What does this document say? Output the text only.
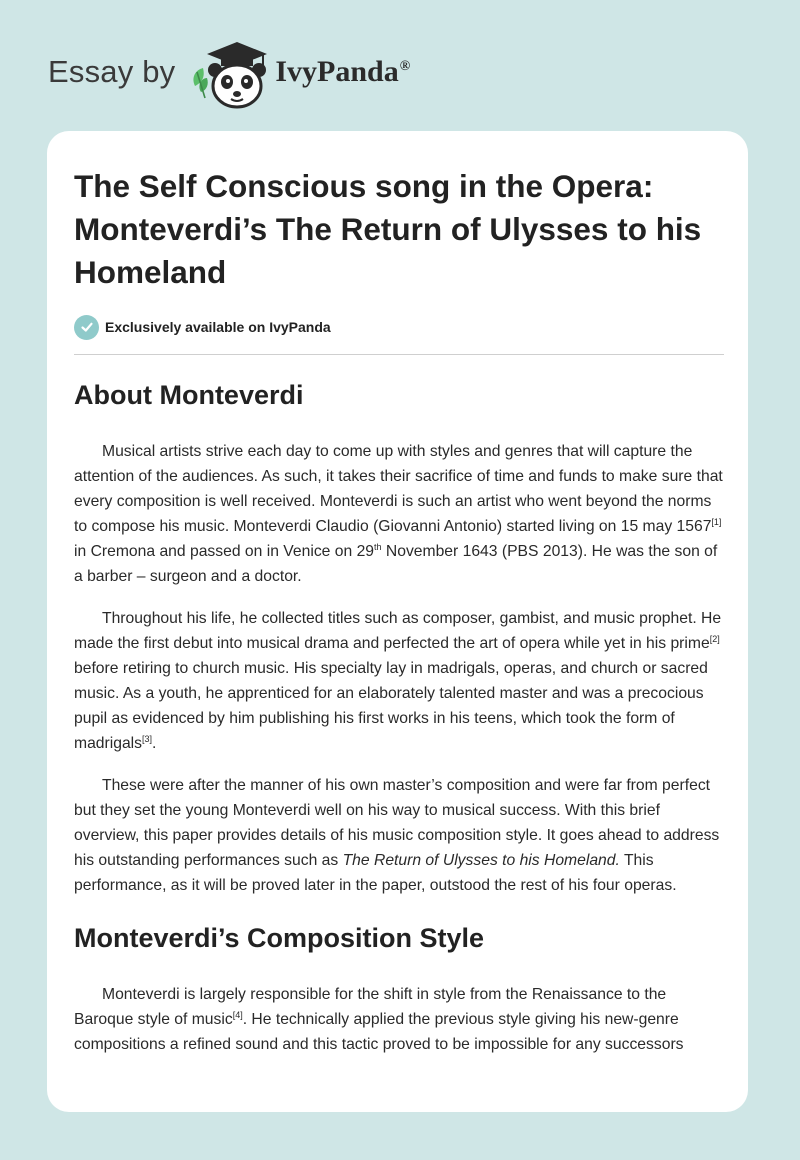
Essay by	IvyPanda®
The Self Conscious song in the Opera: Monteverdi’s The Return of Ulysses to his Homeland
Exclusively available on IvyPanda
About Monteverdi

Musical artists strive each day to come up with styles and genres that will capture the attention of the audiences. As such, it takes their sacrifice of time and funds to make sure that every composition is well received. Monteverdi is such an artist who went beyond the norms to compose his music. Monteverdi Claudio (Giovanni Antonio) started living on 15 may 1567[1] in Cremona and passed on in Venice on 29th November 1643 (PBS 2013). He was the son of a barber – surgeon and a doctor.

Throughout his life, he collected titles such as composer, gambist, and music prophet. He made the first debut into musical drama and perfected the art of opera while yet in his prime[2] before retiring to church music. His specialty lay in madrigals, operas, and church or sacred music. As a youth, he apprenticed for an elaborately talented master and was a precocious pupil as evidenced by him publishing his first works in his teens, which took the form of madrigals[3].

These were after the manner of his own master’s composition and were far from perfect but they set the young Monteverdi well on his way to musical success. With this brief overview, this paper provides details of his music composition style. It goes ahead to address his outstanding performances such as The Return of Ulysses to his Homeland. This performance, as it will be proved later in the paper, outstood the rest of his four operas.

Monteverdi’s Composition Style

Monteverdi is largely responsible for the shift in style from the Renaissance to the Baroque style of music[4]. He technically applied the previous style giving his new-genre compositions a refined sound and this tactic proved to be impossible for any successors
